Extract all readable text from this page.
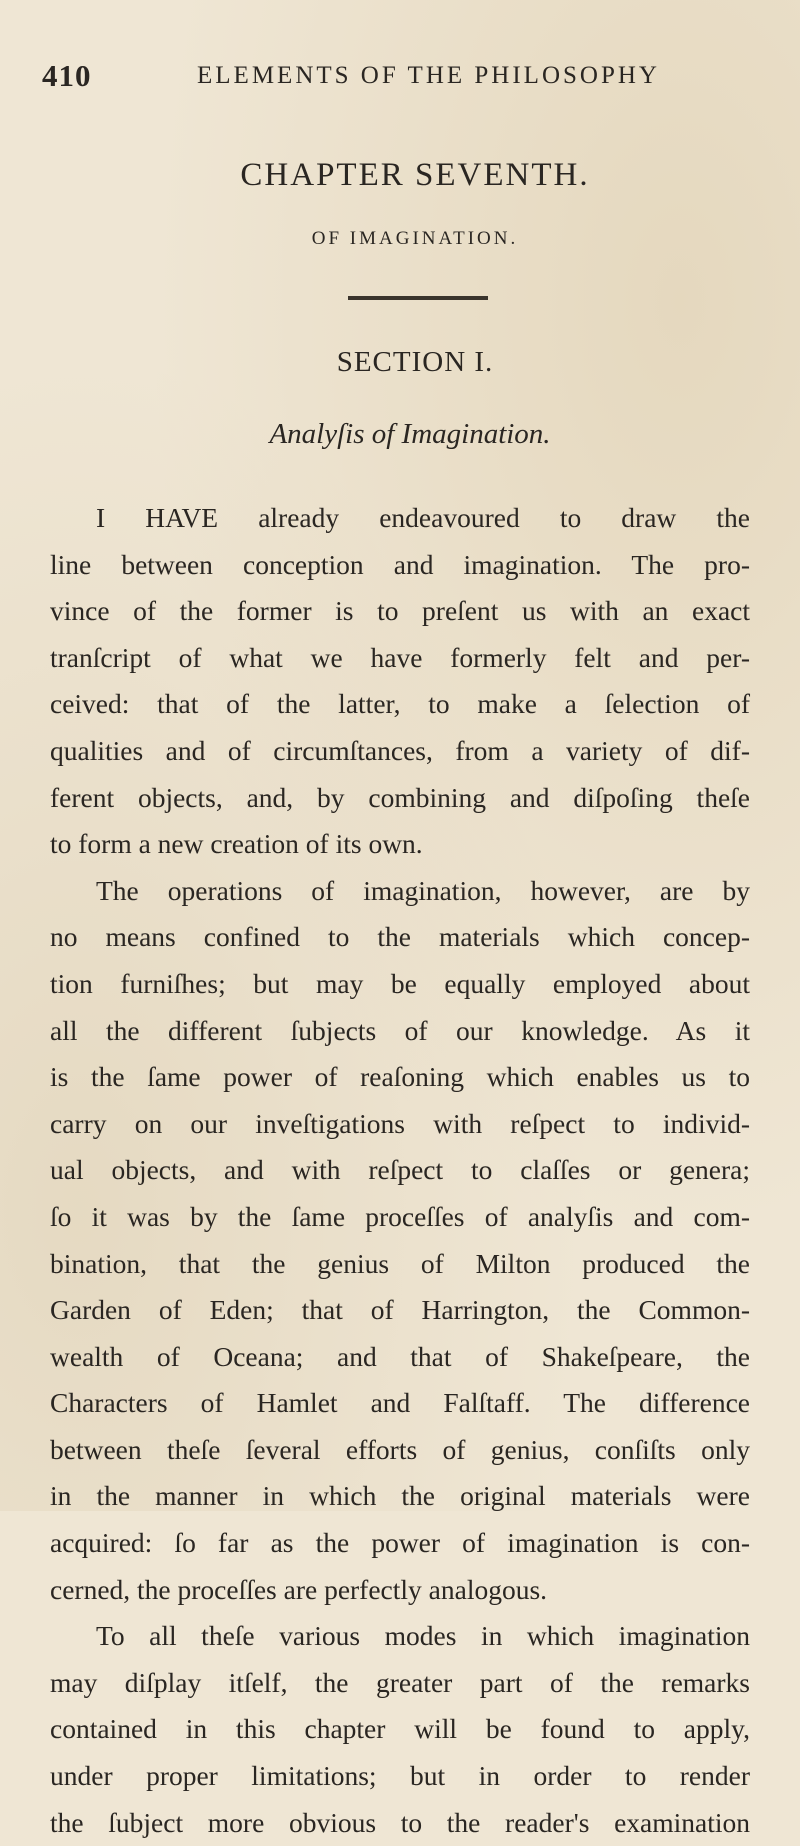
410	ELEMENTS OF THE PHILOSOPHY
CHAPTER SEVENTH.
OF IMAGINATION.
SECTION I.
Analyſis of Imagination.
I HAVE already endeavoured to draw the
line between conception and imagination. The pro-
vince of the former is to preſent us with an exact
tranſcript of what we have formerly felt and per-
ceived: that of the latter, to make a ſelection of
qualities and of circumſtances, from a variety of dif-
ferent objects, and, by combining and diſpoſing theſe
to form a new creation of its own.
The operations of imagination, however, are by
no means confined to the materials which concep-
tion furniſhes; but may be equally employed about
all the different ſubjects of our knowledge. As it
is the ſame power of reaſoning which enables us to
carry on our inveſtigations with reſpect to individ-
ual objects, and with reſpect to claſſes or genera;
ſo it was by the ſame proceſſes of analyſis and com-
bination, that the genius of Milton produced the
Garden of Eden; that of Harrington, the Common-
wealth of Oceana; and that of Shakeſpeare, the
Characters of Hamlet and Falſtaff. The difference
between theſe ſeveral efforts of genius, conſiſts only
in the manner in which the original materials were
acquired: ſo far as the power of imagination is con-
cerned, the proceſſes are perfectly analogous.
To all theſe various modes in which imagination
may diſplay itſelf, the greater part of the remarks
contained in this chapter will be found to apply,
under proper limitations; but in order to render
the ſubject more obvious to the reader's examination
